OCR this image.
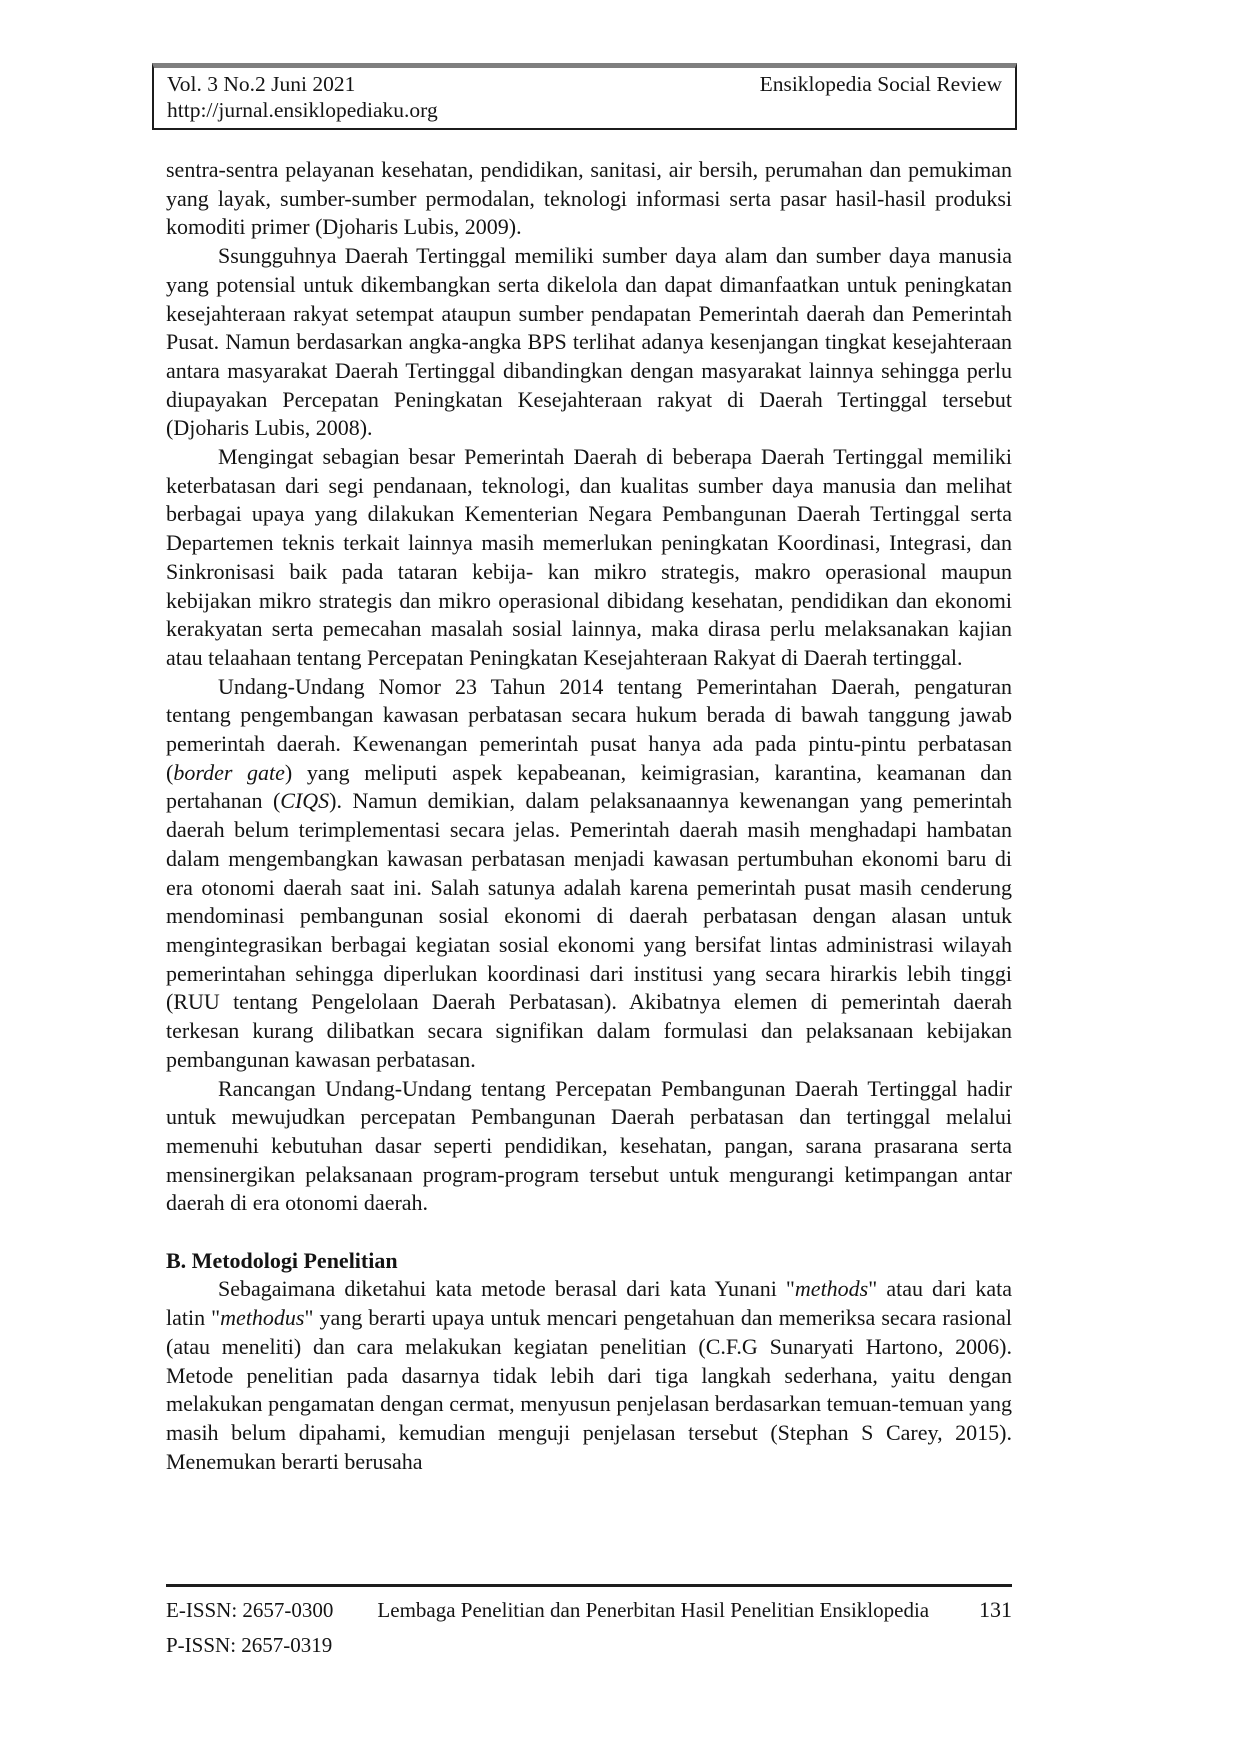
Vol. 3 No.2 Juni 2021	Ensiklopedia Social Review
http://jurnal.ensiklopediaku.org

sentra-sentra pelayanan kesehatan, pendidikan, sanitasi, air bersih, perumahan dan pemukiman yang layak, sumber-sumber permodalan, teknologi informasi serta pasar hasil-hasil produksi komoditi primer (Djoharis Lubis, 2009).

Ssungguhnya Daerah Tertinggal memiliki sumber daya alam dan sumber daya manusia yang potensial untuk dikembangkan serta dikelola dan dapat dimanfaatkan untuk peningkatan kesejahteraan rakyat setempat ataupun sumber pendapatan Pemerintah daerah dan Pemerintah Pusat. Namun berdasarkan angka-angka BPS terlihat adanya kesenjangan tingkat kesejahteraan antara masyarakat Daerah Tertinggal dibandingkan dengan masyarakat lainnya sehingga perlu diupayakan Percepatan Peningkatan Kesejahteraan rakyat di Daerah Tertinggal tersebut (Djoharis Lubis, 2008).

Mengingat sebagian besar Pemerintah Daerah di beberapa Daerah Tertinggal memiliki keterbatasan dari segi pendanaan, teknologi, dan kualitas sumber daya manusia dan melihat berbagai upaya yang dilakukan Kementerian Negara Pembangunan Daerah Tertinggal serta Departemen teknis terkait lainnya masih memerlukan peningkatan Koordinasi, Integrasi, dan Sinkronisasi baik pada tataran kebija- kan mikro strategis, makro operasional maupun kebijakan mikro strategis dan mikro operasional dibidang kesehatan, pendidikan dan ekonomi kerakyatan serta pemecahan masalah sosial lainnya, maka dirasa perlu melaksanakan kajian atau telaahaan tentang Percepatan Peningkatan Kesejahteraan Rakyat di Daerah tertinggal.

Undang-Undang Nomor 23 Tahun 2014 tentang Pemerintahan Daerah, pengaturan tentang pengembangan kawasan perbatasan secara hukum berada di bawah tanggung jawab pemerintah daerah. Kewenangan pemerintah pusat hanya ada pada pintu-pintu perbatasan (border gate) yang meliputi aspek kepabeanan, keimigrasian, karantina, keamanan dan pertahanan (CIQS). Namun demikian, dalam pelaksanaannya kewenangan yang pemerintah daerah belum terimplementasi secara jelas. Pemerintah daerah masih menghadapi hambatan dalam mengembangkan kawasan perbatasan menjadi kawasan pertumbuhan ekonomi baru di era otonomi daerah saat ini. Salah satunya adalah karena pemerintah pusat masih cenderung mendominasi pembangunan sosial ekonomi di daerah perbatasan dengan alasan untuk mengintegrasikan berbagai kegiatan sosial ekonomi yang bersifat lintas administrasi wilayah pemerintahan sehingga diperlukan koordinasi dari institusi yang secara hirarkis lebih tinggi (RUU tentang Pengelolaan Daerah Perbatasan). Akibatnya elemen di pemerintah daerah terkesan kurang dilibatkan secara signifikan dalam formulasi dan pelaksanaan kebijakan pembangunan kawasan perbatasan.

Rancangan Undang-Undang tentang Percepatan Pembangunan Daerah Tertinggal hadir untuk mewujudkan percepatan Pembangunan Daerah perbatasan dan tertinggal melalui memenuhi kebutuhan dasar seperti pendidikan, kesehatan, pangan, sarana prasarana serta mensinergikan pelaksanaan program-program tersebut untuk mengurangi ketimpangan antar daerah di era otonomi daerah.

B. Metodologi Penelitian

Sebagaimana diketahui kata metode berasal dari kata Yunani "methods" atau dari kata latin "methodus" yang berarti upaya untuk mencari pengetahuan dan memeriksa secara rasional (atau meneliti) dan cara melakukan kegiatan penelitian (C.F.G Sunaryati Hartono, 2006). Metode penelitian pada dasarnya tidak lebih dari tiga langkah sederhana, yaitu dengan melakukan pengamatan dengan cermat, menyusun penjelasan berdasarkan temuan-temuan yang masih belum dipahami, kemudian menguji penjelasan tersebut (Stephan S Carey, 2015). Menemukan berarti berusaha

E-ISSN: 2657-0300 Lembaga Penelitian dan Penerbitan Hasil Penelitian Ensiklopedia 131
P-ISSN: 2657-0319
